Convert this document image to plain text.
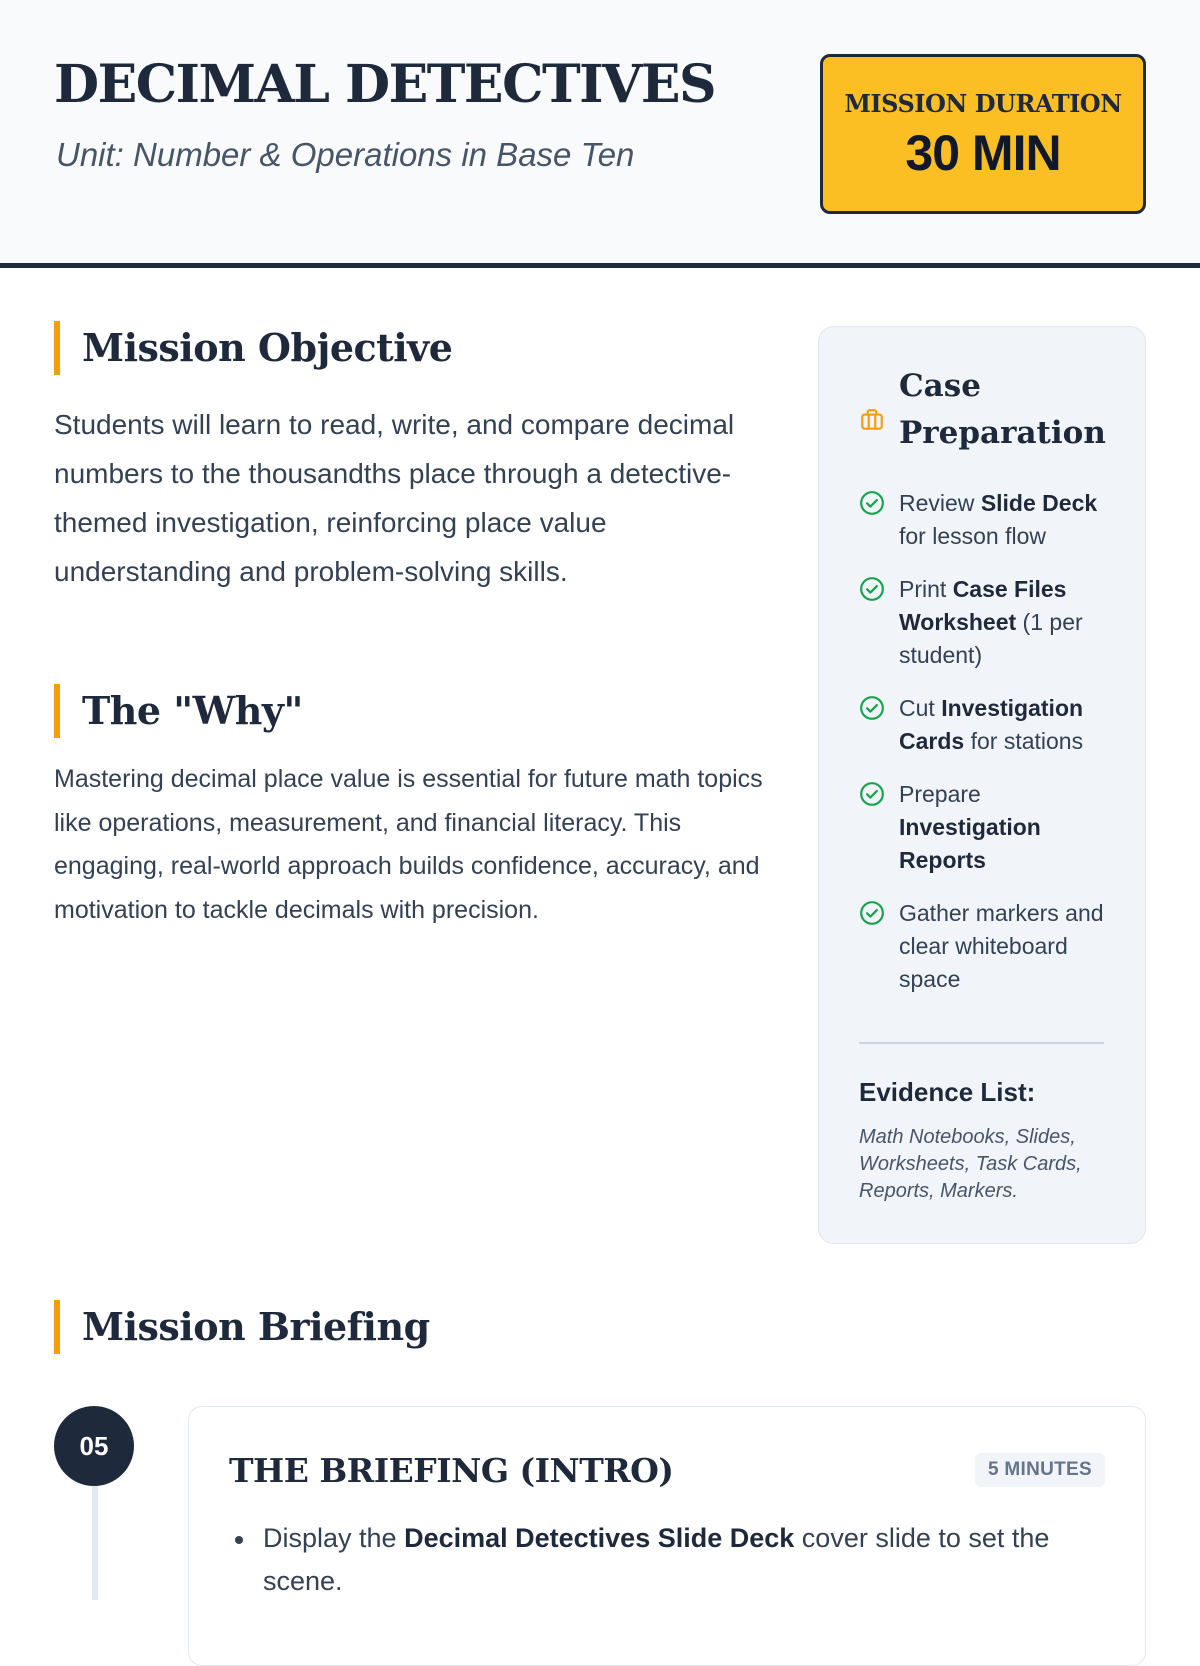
DECIMAL DETECTIVES
Unit: Number & Operations in Base Ten
MISSION DURATION
30 MIN
Mission Objective

Students will learn to read, write, and compare decimal numbers to the thousandths place through a detective-themed investigation, reinforcing place value understanding and problem-solving skills.

The "Why"

Mastering decimal place value is essential for future math topics like operations, measurement, and financial literacy. This engaging, real-world approach builds confidence, accuracy, and motivation to tackle decimals with precision.

Case Preparation
Review Slide Deck for lesson flow
Print Case Files Worksheet (1 per student)
Cut Investigation Cards for stations
Prepare Investigation Reports
Gather markers and clear whiteboard space
Evidence List:
Math Notebooks, Slides, Worksheets, Task Cards, Reports, Markers.
Mission Briefing
05
THE BRIEFING (INTRO)	5 MINUTES
Display the Decimal Detectives Slide Deck cover slide to set the scene.
